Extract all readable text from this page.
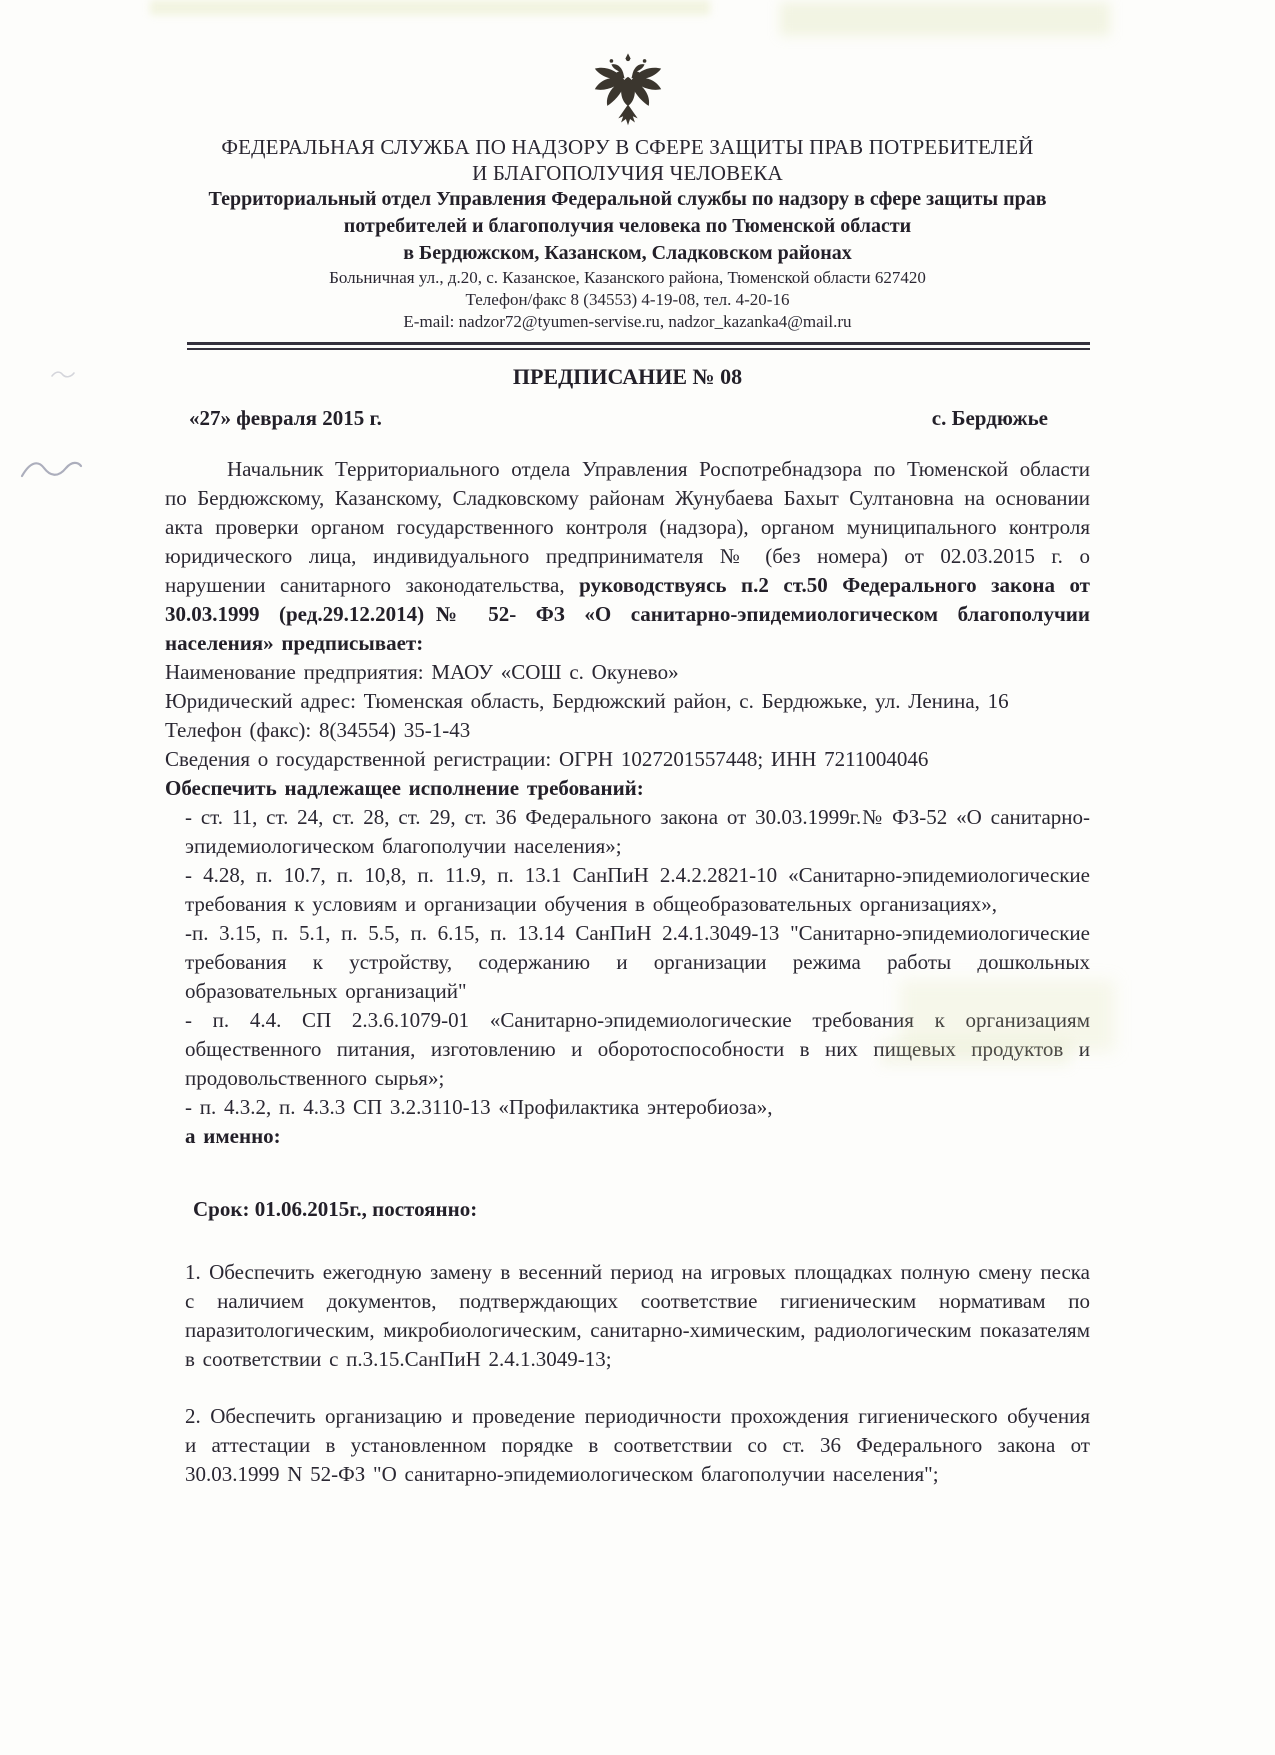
ФЕДЕРАЛЬНАЯ СЛУЖБА ПО НАДЗОРУ В СФЕРЕ ЗАЩИТЫ ПРАВ ПОТРЕБИТЕЛЕЙ
И БЛАГОПОЛУЧИЯ ЧЕЛОВЕКА
Территориальный отдел Управления Федеральной службы по надзору в сфере защиты прав
потребителей и благополучия человека по Тюменской области
в Бердюжском, Казанском, Сладковском районах
Больничная ул., д.20, с. Казанское, Казанского района, Тюменской области 627420
Телефон/факс 8 (34553) 4-19-08, тел. 4-20-16
E-mail: nadzor72@tyumen-servise.ru, nadzor_kazanka4@mail.ru
ПРЕДПИСАНИЕ № 08
«27» февраля 2015 г.	с. Бердюжье

Начальник Территориального отдела Управления Роспотребнадзора по Тюменской области по Бердюжскому, Казанскому, Сладковскому районам Жунубаева Бахыт Султановна на основании акта проверки органом государственного контроля (надзора), органом муниципального контроля юридического лица, индивидуального предпринимателя № (без номера) от 02.03.2015 г. о нарушении санитарного законодательства, руководствуясь п.2 ст.50 Федерального закона от 30.03.1999 (ред.29.12.2014)№ 52- ФЗ «О санитарно-эпидемиологическом благополучии населения» предписывает:

Наименование предприятия: МАОУ «СОШ с. Окунево»
Юридический адрес: Тюменская область, Бердюжский район, с. Бердюжьке, ул. Ленина, 16
Телефон (факс): 8(34554) 35-1-43
Сведения о государственной регистрации: ОГРН 1027201557448; ИНН 7211004046
Обеспечить надлежащее исполнение требований:
- ст. 11, ст. 24, ст. 28, ст. 29, ст. 36 Федерального закона от 30.03.1999г.№ ФЗ-52 «О санитарно-эпидемиологическом благополучии населения»;
- 4.28, п. 10.7, п. 10,8, п. 11.9, п. 13.1 СанПиН 2.4.2.2821-10 «Санитарно-эпидемиологические требования к условиям и организации обучения в общеобразовательных организациях»,
-п. 3.15, п. 5.1, п. 5.5, п. 6.15, п. 13.14 СанПиН 2.4.1.3049-13 "Санитарно-эпидемиологические требования к устройству, содержанию и организации режима работы дошкольных образовательных организаций"
- п. 4.4. СП 2.3.6.1079-01 «Санитарно-эпидемиологические требования к организациям общественного питания, изготовлению и оборотоспособности в них пищевых продуктов и продовольственного сырья»;
- п. 4.3.2, п. 4.3.3 СП 3.2.3110-13 «Профилактика энтеробиоза»,
а именно:
Срок: 01.06.2015г., постоянно:
1. Обеспечить ежегодную замену в весенний период на игровых площадках полную смену песка с наличием документов, подтверждающих соответствие гигиеническим нормативам по паразитологическим, микробиологическим, санитарно-химическим, радиологическим показателям в соответствии с п.3.15.СанПиН 2.4.1.3049-13;
2. Обеспечить организацию и проведение периодичности прохождения гигиенического обучения и аттестации в установленном порядке в соответствии со ст. 36 Федерального закона от 30.03.1999 N 52-ФЗ "О санитарно-эпидемиологическом благополучии населения";
